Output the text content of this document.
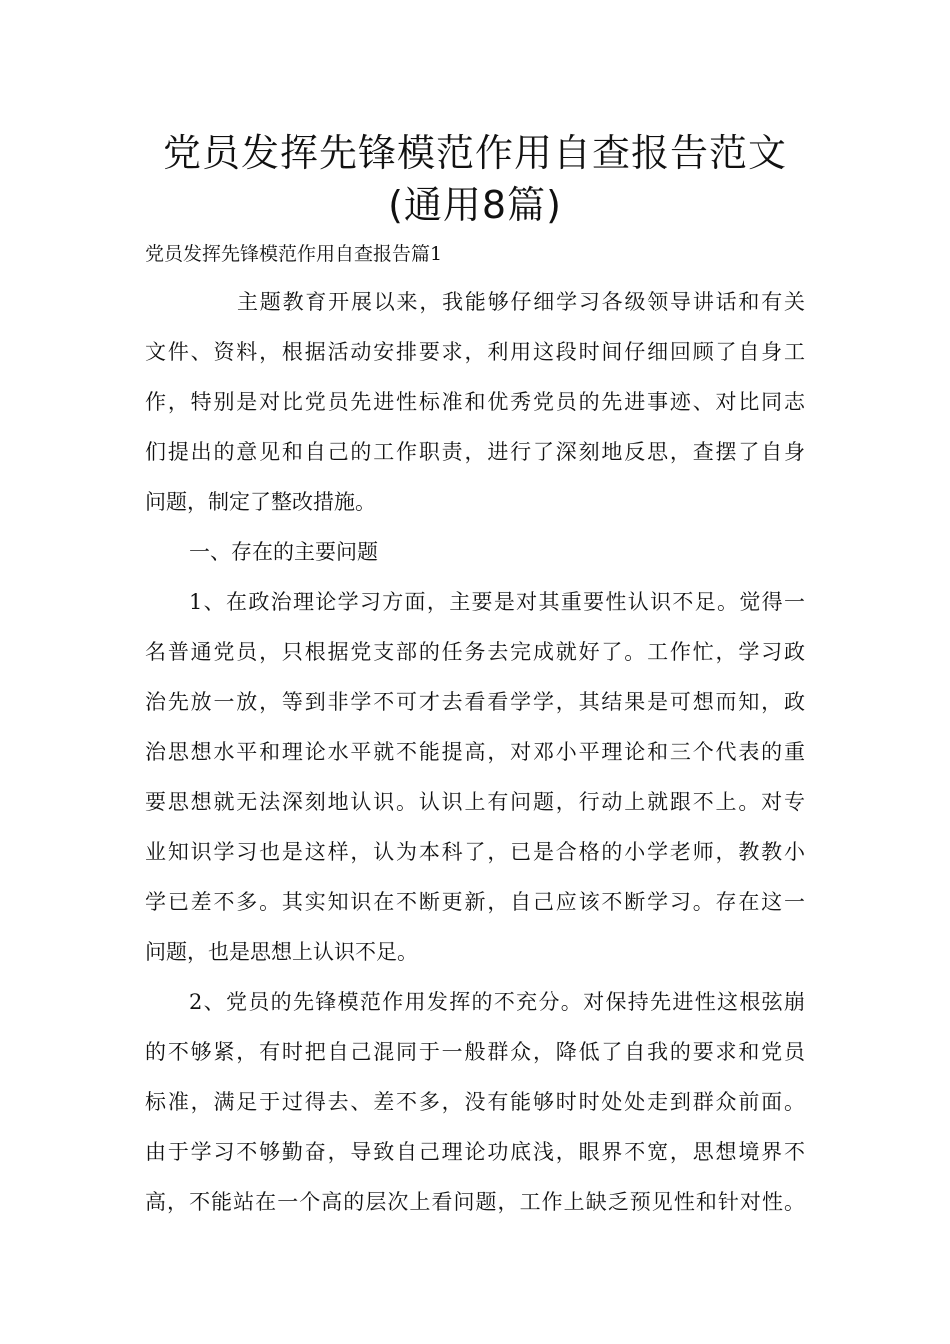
党员发挥先锋模范作用自查报告范文
(通用8篇)
党员发挥先锋模范作用自查报告篇1
主题教育开展以来，我能够仔细学习各级领导讲话和有关
文件、资料，根据活动安排要求，利用这段时间仔细回顾了自身工
作，特别是对比党员先进性标准和优秀党员的先进事迹、对比同志
们提出的意见和自己的工作职责，进行了深刻地反思，查摆了自身
问题，制定了整改措施。
一、存在的主要问题
1、在政治理论学习方面，主要是对其重要性认识不足。觉得一
名普通党员，只根据党支部的任务去完成就好了。工作忙，学习政
治先放一放，等到非学不可才去看看学学，其结果是可想而知，政
治思想水平和理论水平就不能提高，对邓小平理论和三个代表的重
要思想就无法深刻地认识。认识上有问题，行动上就跟不上。对专
业知识学习也是这样，认为本科了，已是合格的小学老师，教教小
学已差不多。其实知识在不断更新，自己应该不断学习。存在这一
问题，也是思想上认识不足。
2、党员的先锋模范作用发挥的不充分。对保持先进性这根弦崩
的不够紧，有时把自己混同于一般群众，降低了自我的要求和党员
标准，满足于过得去、差不多，没有能够时时处处走到群众前面。
由于学习不够勤奋，导致自己理论功底浅，眼界不宽，思想境界不
高，不能站在一个高的层次上看问题，工作上缺乏预见性和针对性。
